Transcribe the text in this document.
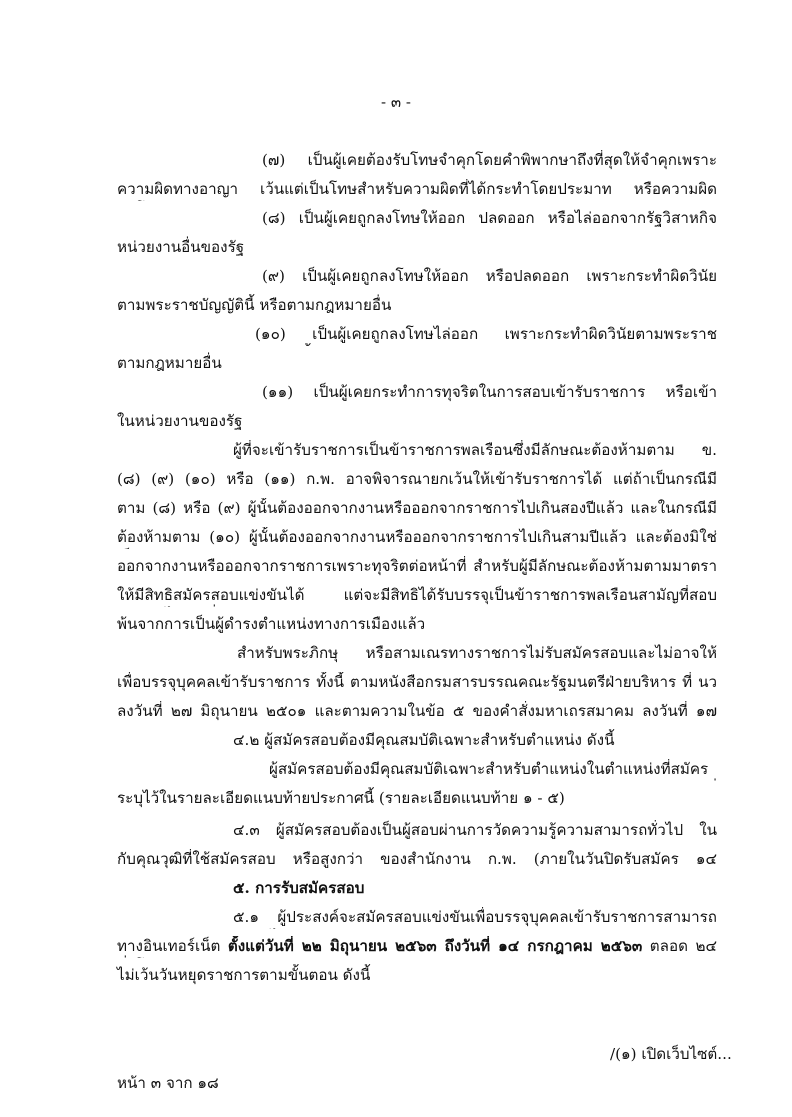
- ๓ -
(๗) เป็นผู้เคยต้องรับโทษจำคุกโดยคำพิพากษาถึงที่สุดให้จำคุกเพราะ
ความผิดทางอาญา เว้นแต่เป็นโทษสำหรับความผิดที่ได้กระทำโดยประมาท หรือความผิด
(๘) เป็นผู้เคยถูกลงโทษให้ออก ปลดออก หรือไล่ออกจากรัฐวิสาหกิจ
หน่วยงานอื่นของรัฐ
(๙) เป็นผู้เคยถูกลงโทษให้ออก หรือปลดออก เพราะกระทำผิดวินัย
ตามพระราชบัญญัตินี้ หรือตามกฎหมายอื่น
(๑๐) เป็นผู้เคยถูกลงโทษไล่ออก เพราะกระทำผิดวินัยตามพระราช
ตามกฎหมายอื่น
(๑๑) เป็นผู้เคยกระทำการทุจริตในการสอบเข้ารับราชการ หรือเข้า
ในหน่วยงานของรัฐ
ผู้ที่จะเข้ารับราชการเป็นข้าราชการพลเรือนซึ่งมีลักษณะต้องห้ามตาม ข.
(๘) (๙) (๑๐) หรือ (๑๑) ก.พ. อาจพิจารณายกเว้นให้เข้ารับราชการได้ แต่ถ้าเป็นกรณีมี
ตาม (๘) หรือ (๙) ผู้นั้นต้องออกจากงานหรือออกจากราชการไปเกินสองปีแล้ว และในกรณีมี
ต้องห้ามตาม (๑๐) ผู้นั้นต้องออกจากงานหรือออกจากราชการไปเกินสามปีแล้ว และต้องมิใช่
ออกจากงานหรือออกจากราชการเพราะทุจริตต่อหน้าที่ สำหรับผู้มีลักษณะต้องห้ามตามมาตรา
ให้มีสิทธิสมัครสอบแข่งขันได้ แต่จะมีสิทธิได้รับบรรจุเป็นข้าราชการพลเรือนสามัญที่สอบ
พ้นจากการเป็นผู้ดำรงตำแหน่งทางการเมืองแล้ว
สำหรับพระภิกษุ หรือสามเณรทางราชการไม่รับสมัครสอบและไม่อาจให้
เพื่อบรรจุบุคคลเข้ารับราชการ ทั้งนี้ ตามหนังสือกรมสารบรรณคณะรัฐมนตรีฝ่ายบริหาร ที่ นว
ลงวันที่ ๒๗ มิถุนายน ๒๕๐๑ และตามความในข้อ ๕ ของคำสั่งมหาเถรสมาคม ลงวันที่ ๑๗
๔.๒ ผู้สมัครสอบต้องมีคุณสมบัติเฉพาะสำหรับตำแหน่ง ดังนี้
ผู้สมัครสอบต้องมีคุณสมบัติเฉพาะสำหรับตำแหน่งในตำแหน่งที่สมัคร
ระบุไว้ในรายละเอียดแนบท้ายประกาศนี้ (รายละเอียดแนบท้าย ๑ - ๕)
๔.๓ ผู้สมัครสอบต้องเป็นผู้สอบผ่านการวัดความรู้ความสามารถทั่วไป ใน
กับคุณวุฒิที่ใช้สมัครสอบ หรือสูงกว่า ของสำนักงาน ก.พ. (ภายในวันปิดรับสมัคร ๑๔
๕. การรับสมัครสอบ
๕.๑ ผู้ประสงค์จะสมัครสอบแข่งขันเพื่อบรรจุบุคคลเข้ารับราชการสามารถ
ทางอินเทอร์เน็ต ตั้งแต่วันที่ ๒๒ มิถุนายน ๒๕๖๓ ถึงวันที่ ๑๔ กรกฎาคม ๒๕๖๓ ตลอด ๒๔
ไม่เว้นวันหยุดราชการตามขั้นตอน ดังนี้
/(๑) เปิดเว็บไซต์...
หน้า ๓ จาก ๑๘
